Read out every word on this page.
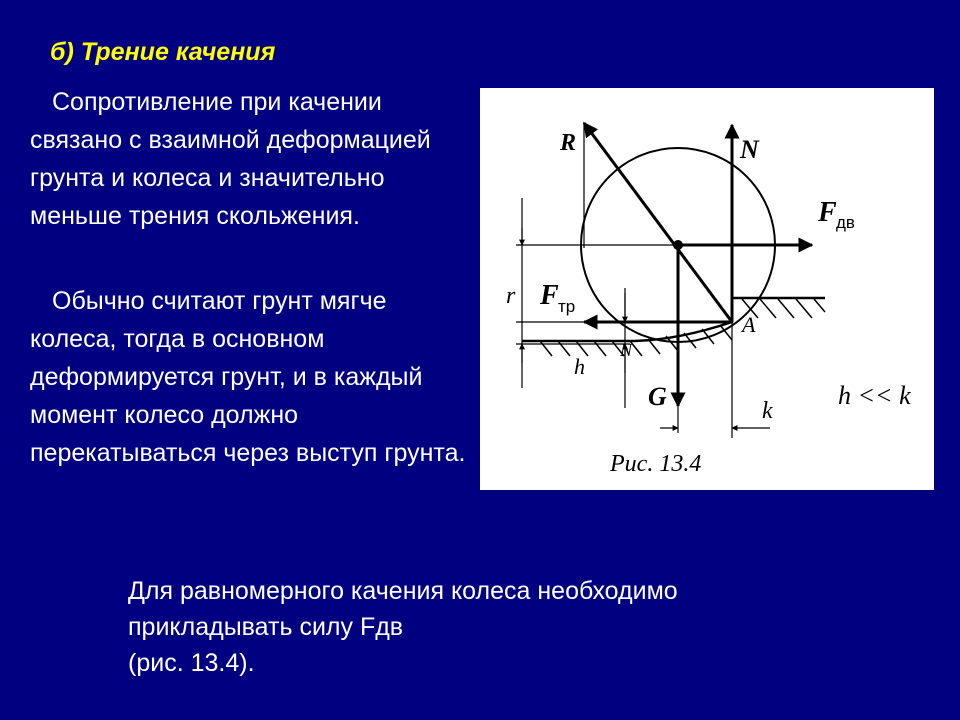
б) Трение качения

Сопротивление при качении связано с взаимной деформацией грунта и колеса и значительно меньше трения скольжения.

Обычно считают грунт мягче колеса, тогда в основном деформируется грунт, и в каждый момент колесо должно перекатываться через выступ грунта.

R	N
F дв
r F тр
A
h
N
G	k
h << k
Рис. 13.4

Для равномерного качения колеса необходимо
прикладывать силу Fдв
(рис. 13.4).
